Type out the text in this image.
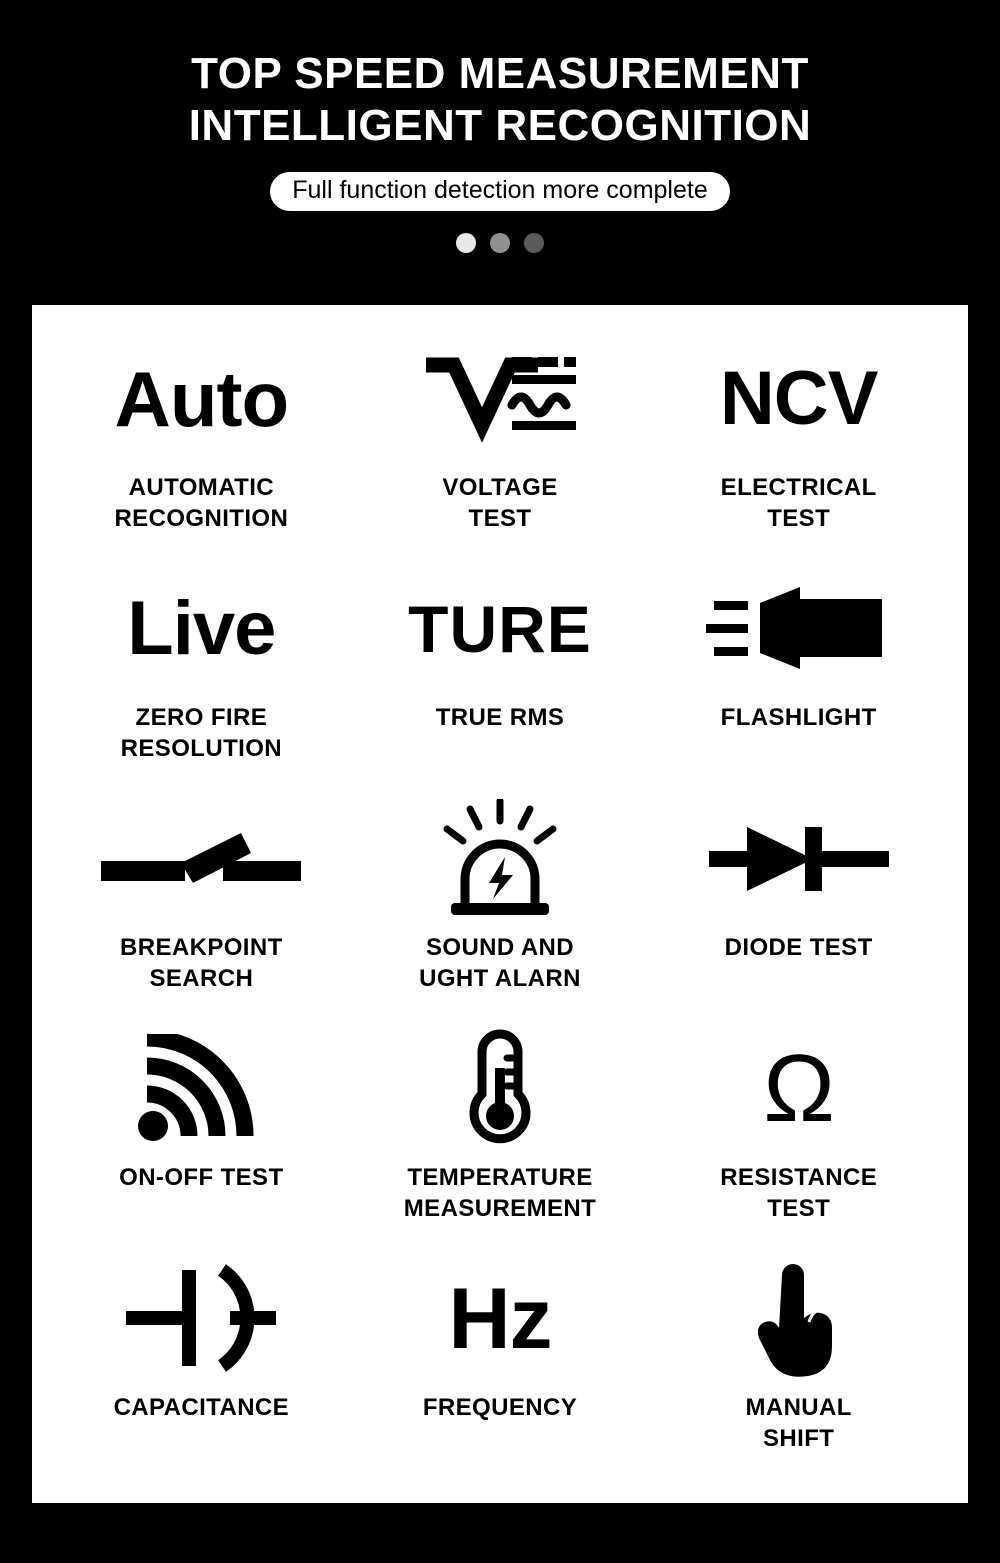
TOP SPEED MEASUREMENT
INTELLIGENT RECOGNITION
Full function detection more complete
Auto
AUTOMATIC
RECOGNITION
VOLTAGE
TEST
NCV
ELECTRICAL
TEST
Live
ZERO FIRE
RESOLUTION
TURE
TRUE RMS	FLASHLIGHT
BREAKPOINT
SEARCH
SOUND AND
UGHT ALARN
DIODE TEST
ON-OFF TEST	TEMPERATURE
MEASUREMENT
Ω
RESISTANCE
TEST
CAPACITANCE
Hz
FREQUENCY	MANUAL
SHIFT
